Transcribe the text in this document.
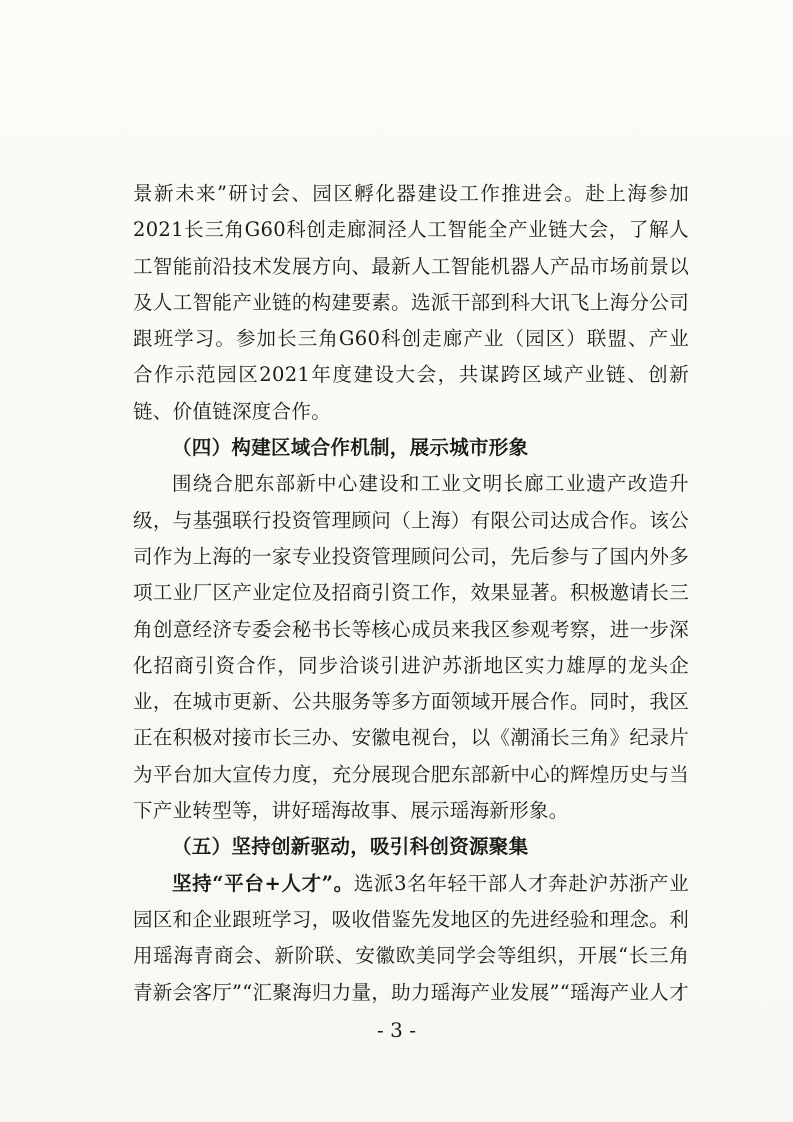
景新未来”研讨会、园区孵化器建设工作推进会。赴上海参加2021长三角G60科创走廊洞泾人工智能全产业链大会，了解人工智能前沿技术发展方向、最新人工智能机器人产品市场前景以及人工智能产业链的构建要素。选派干部到科大讯飞上海分公司跟班学习。参加长三角G60科创走廊产业（园区）联盟、产业合作示范园区2021年度建设大会，共谋跨区域产业链、创新链、价值链深度合作。

（四）构建区域合作机制，展示城市形象

围绕合肥东部新中心建设和工业文明长廊工业遗产改造升级，与基强联行投资管理顾问（上海）有限公司达成合作。该公司作为上海的一家专业投资管理顾问公司，先后参与了国内外多项工业厂区产业定位及招商引资工作，效果显著。积极邀请长三角创意经济专委会秘书长等核心成员来我区参观考察，进一步深化招商引资合作，同步洽谈引进沪苏浙地区实力雄厚的龙头企业，在城市更新、公共服务等多方面领域开展合作。同时，我区正在积极对接市长三办、安徽电视台，以《潮涌长三角》纪录片为平台加大宣传力度，充分展现合肥东部新中心的辉煌历史与当下产业转型等，讲好瑶海故事、展示瑶海新形象。

（五）坚持创新驱动，吸引科创资源聚集

坚持“平台+人才”。选派3名年轻干部人才奔赴沪苏浙产业园区和企业跟班学习，吸收借鉴先发地区的先进经验和理念。利用瑶海青商会、新阶联、安徽欧美同学会等组织，开展“长三角青新会客厅”“汇聚海归力量，助力瑶海产业发展”“瑶海产业人才

- 3 -
